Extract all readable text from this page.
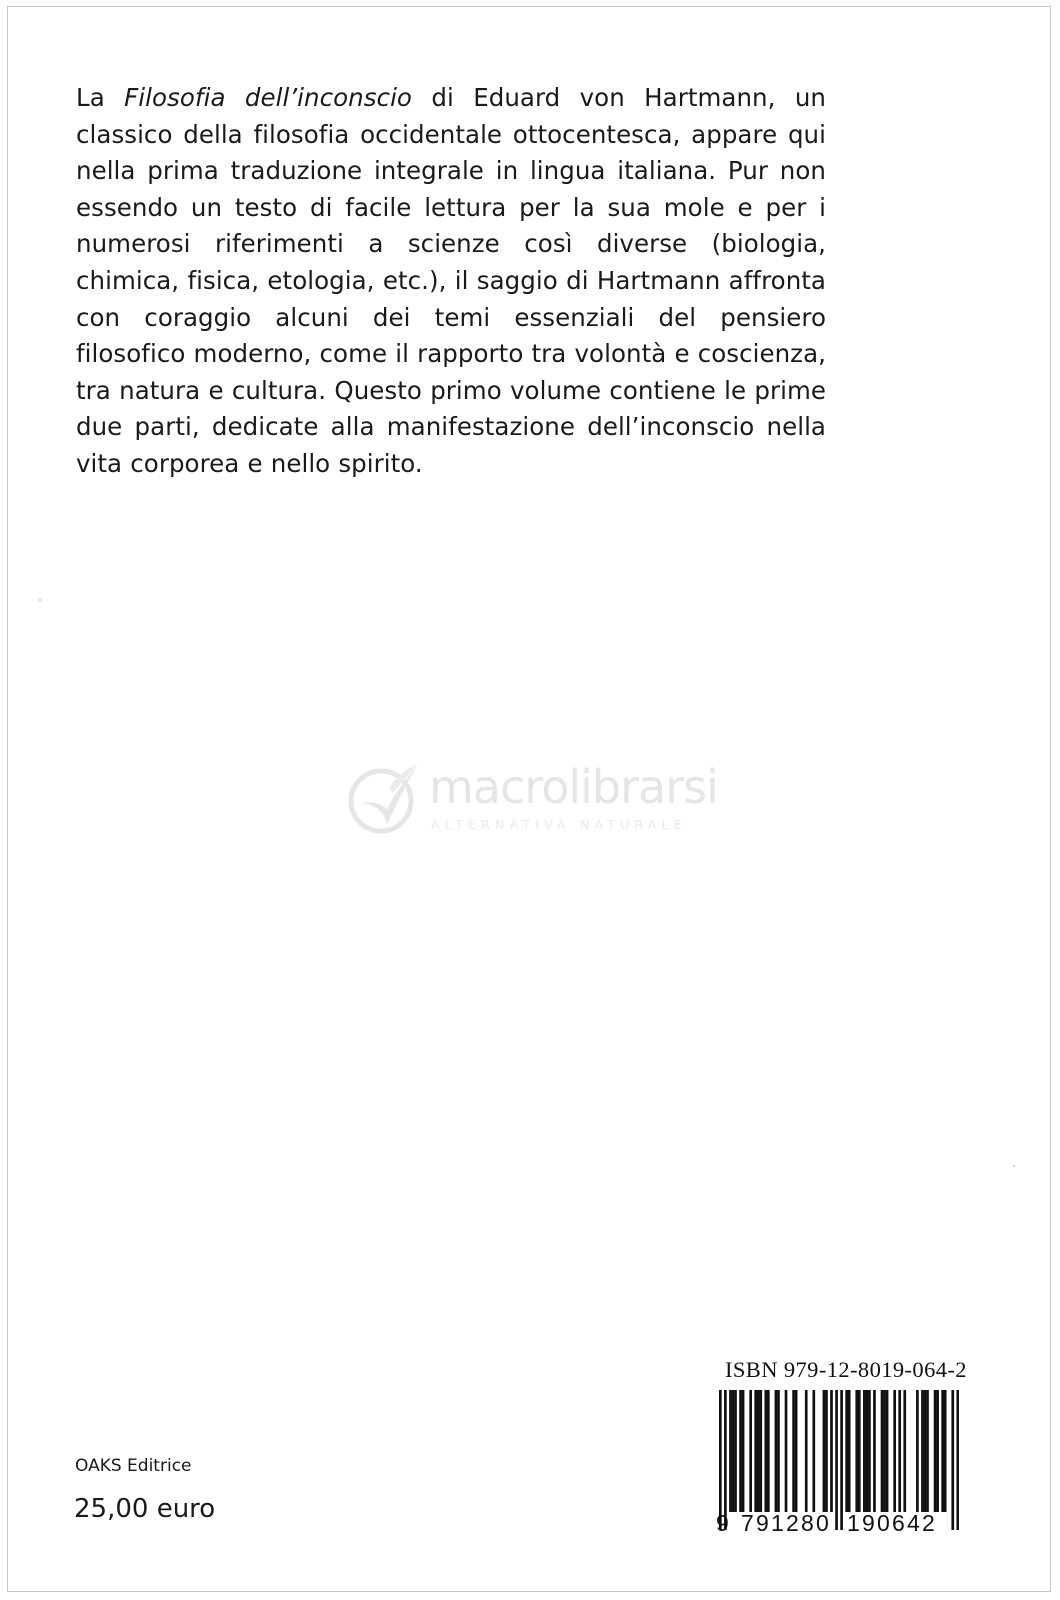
La Filosofia dell’inconscio di Eduard von Hartmann, un classico della filosofia occidentale ottocentesca, appare qui nella prima traduzione integrale in lingua italiana. Pur non essendo un testo di facile lettura per la sua mole e per i numerosi riferimenti a scienze così diverse (biologia, chimica, fisica, etologia, etc.), il saggio di Hartmann affronta con coraggio alcuni dei temi essenziali del pensiero filosofico moderno, come il rapporto tra volontà e coscienza, tra natura e cultura. Questo primo volume contiene le prime due parti, dedicate alla manifestazione dell’inconscio nella vita corporea e nello spirito.

macrolibrarsi
ALTERNATIVA NATURALE
ISBN 979-12-8019-064-2
9 791280 190642
OAKS Editrice
25,00 euro
